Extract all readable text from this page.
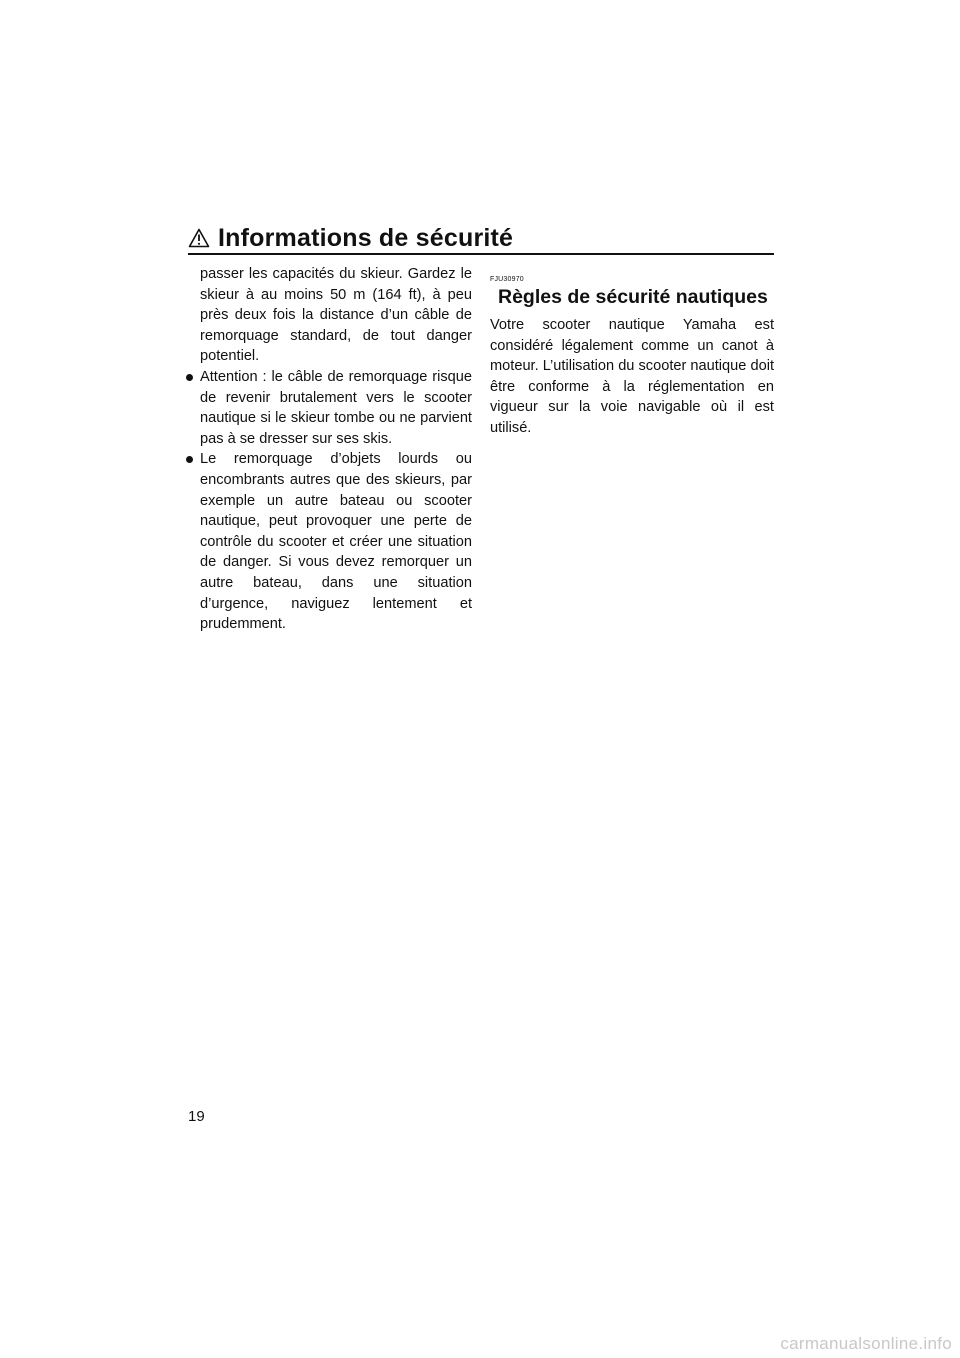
Informations de sécurité

passer les capacités du skieur. Gardez le skieur à au moins 50 m (164 ft), à peu près deux fois la distance d’un câble de remorquage standard, de tout danger potentiel.

Attention : le câble de remorquage risque de revenir brutalement vers le scooter nautique si le skieur tombe ou ne parvient pas à se dresser sur ses skis.
Le remorquage d’objets lourds ou encombrants autres que des skieurs, par exemple un autre bateau ou scooter nautique, peut provoquer une perte de contrôle du scooter et créer une situation de danger. Si vous devez remorquer un autre bateau, dans une situation d’urgence, naviguez lentement et prudemment.
FJU30970
Règles de sécurité nautiques

Votre scooter nautique Yamaha est considéré légalement comme un canot à moteur. L’utilisation du scooter nautique doit être conforme à la réglementation en vigueur sur la voie navigable où il est utilisé.

19
carmanualsonline.info
